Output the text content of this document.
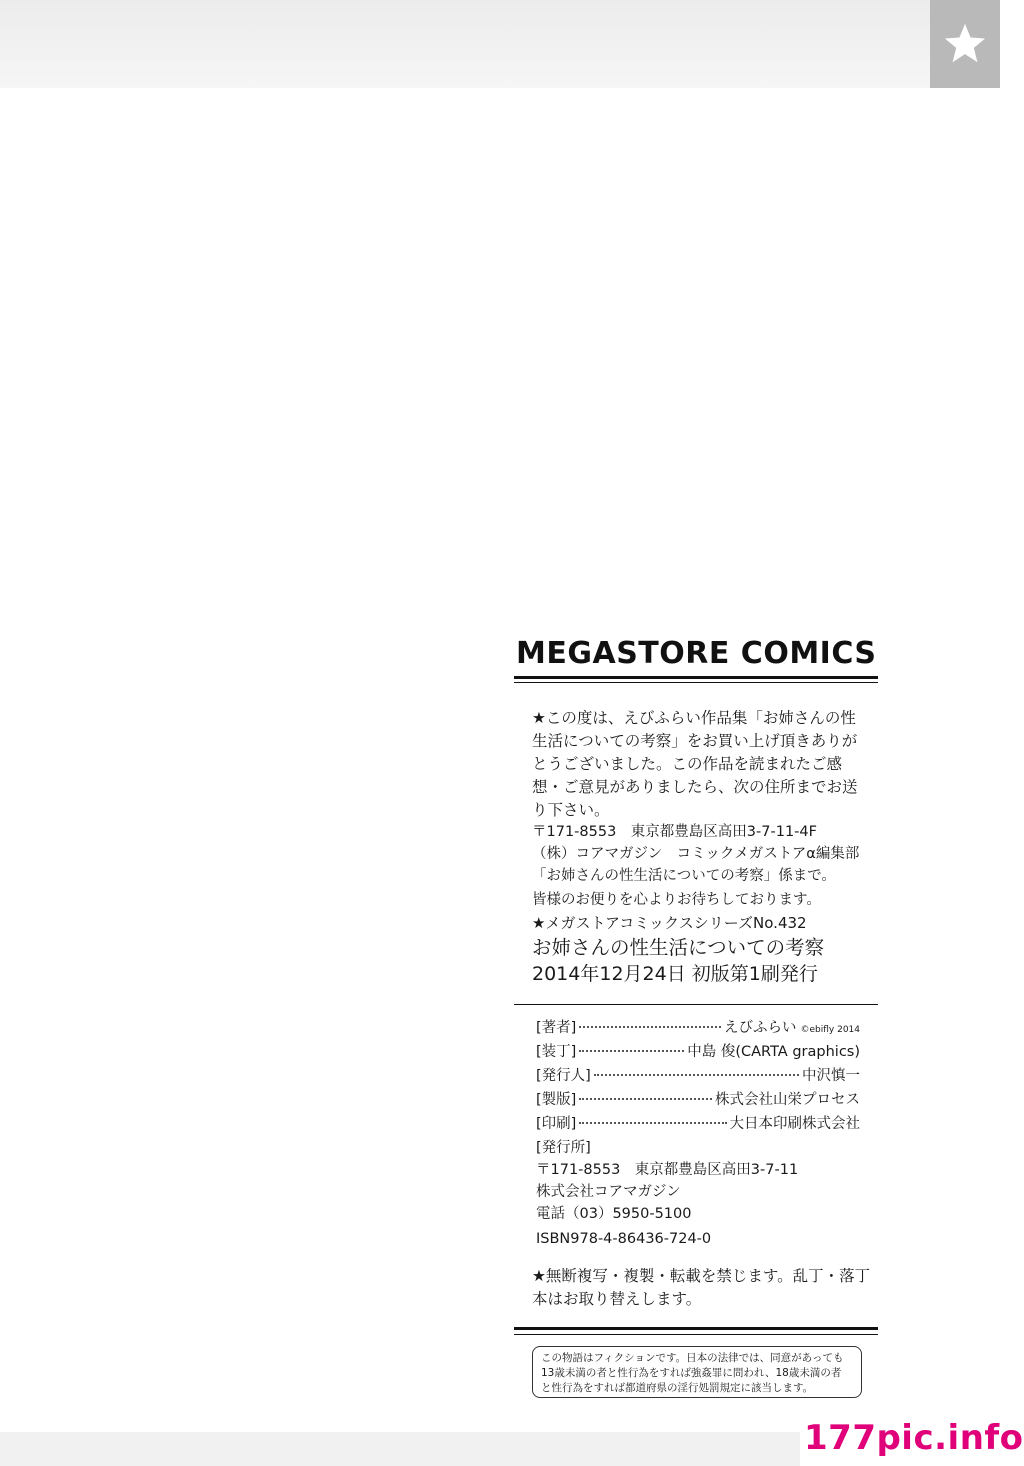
MEGASTORE COMICS

★この度は、えびふらい作品集「お姉さんの性

生活についての考察」をお買い上げ頂きありが

とうございました。この作品を読まれたご感

想・ご意見がありましたら、次の住所までお送

り下さい。

〒171-8553　東京都豊島区高田3-7-11-4F

（株）コアマガジン　コミックメガストアα編集部

「お姉さんの性生活についての考察」係まで。

皆様のお便りを心よりお待ちしております。

★メガストアコミックスシリーズNo.432

お姉さんの性生活についての考察

2014年12月24日 初版第1刷発行

[著者]	えびふらい ©ebifly 2014
[装丁]	中島 俊(CARTA graphics)
[発行人]	中沢慎一
[製版]	株式会社山栄プロセス
[印刷]	大日本印刷株式会社

[発行所]

〒171-8553　東京都豊島区高田3-7-11

株式会社コアマガジン

電話（03）5950-5100

ISBN978-4-86436-724-0

★無断複写・複製・転載を禁じます。乱丁・落丁

本はお取り替えします。

この物語はフィクションです。日本の法律では、同意があっても
13歳未満の者と性行為をすれば強姦罪に問われ、18歳未満の者
と性行為をすれば都道府県の淫行処罰規定に該当します。
177pic.info
